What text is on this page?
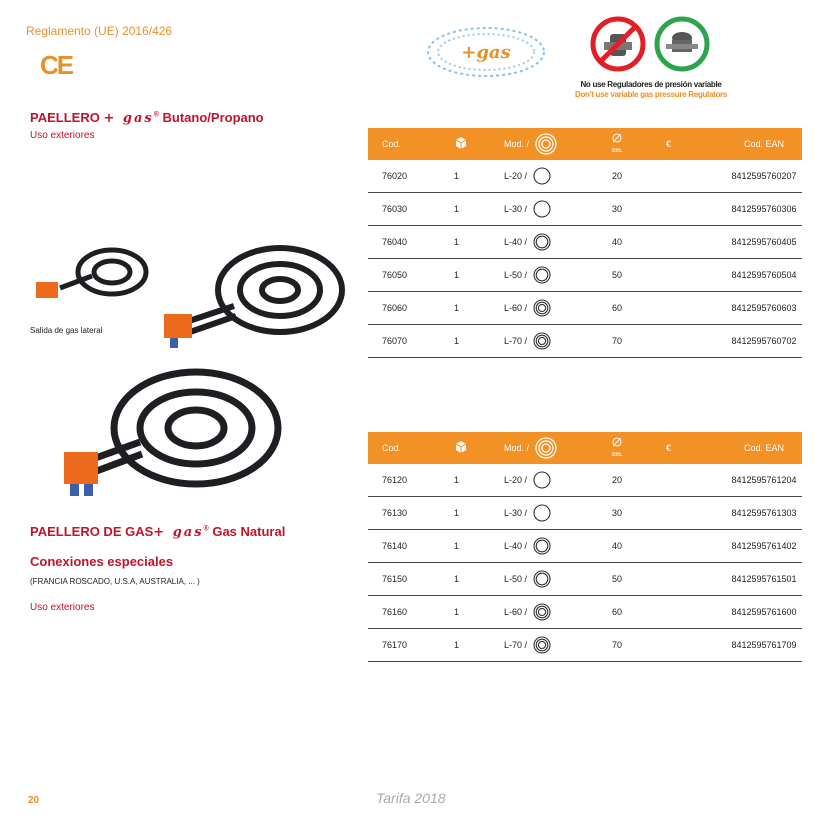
Reglamento (UE) 2016/426
CE	+gas
No use Reguladores de presión variable
Don't use variable gas pressure Regulators
PAELLERO + gas® Butano/Propano
Uso exteriores
Salida de gas lateral
PAELLERO DE GAS+ gas® Gas Natural
Conexiones especiales
(FRANCIA ROSCADO, U.S.A, AUSTRALIA, ... )
Uso exteriores
Cod.		Mod. /	cm.	€	Cod. EAN
76020	1	L-20 /	20		8412595760207
76030	1	L-30 /	30		8412595760306
76040	1	L-40 /	40		8412595760405
76050	1	L-50 /	50		8412595760504
76060	1	L-60 /	60		8412595760603
76070	1	L-70 /	70		8412595760702
Cod.		Mod. /	cm.	€	Cod. EAN
76120	1	L-20 /	20		8412595761204
76130	1	L-30 /	30		8412595761303
76140	1	L-40 /	40		8412595761402
76150	1	L-50 /	50		8412595761501
76160	1	L-60 /	60		8412595761600
76170	1	L-70 /	70		8412595761709
20	Tarifa 2018
